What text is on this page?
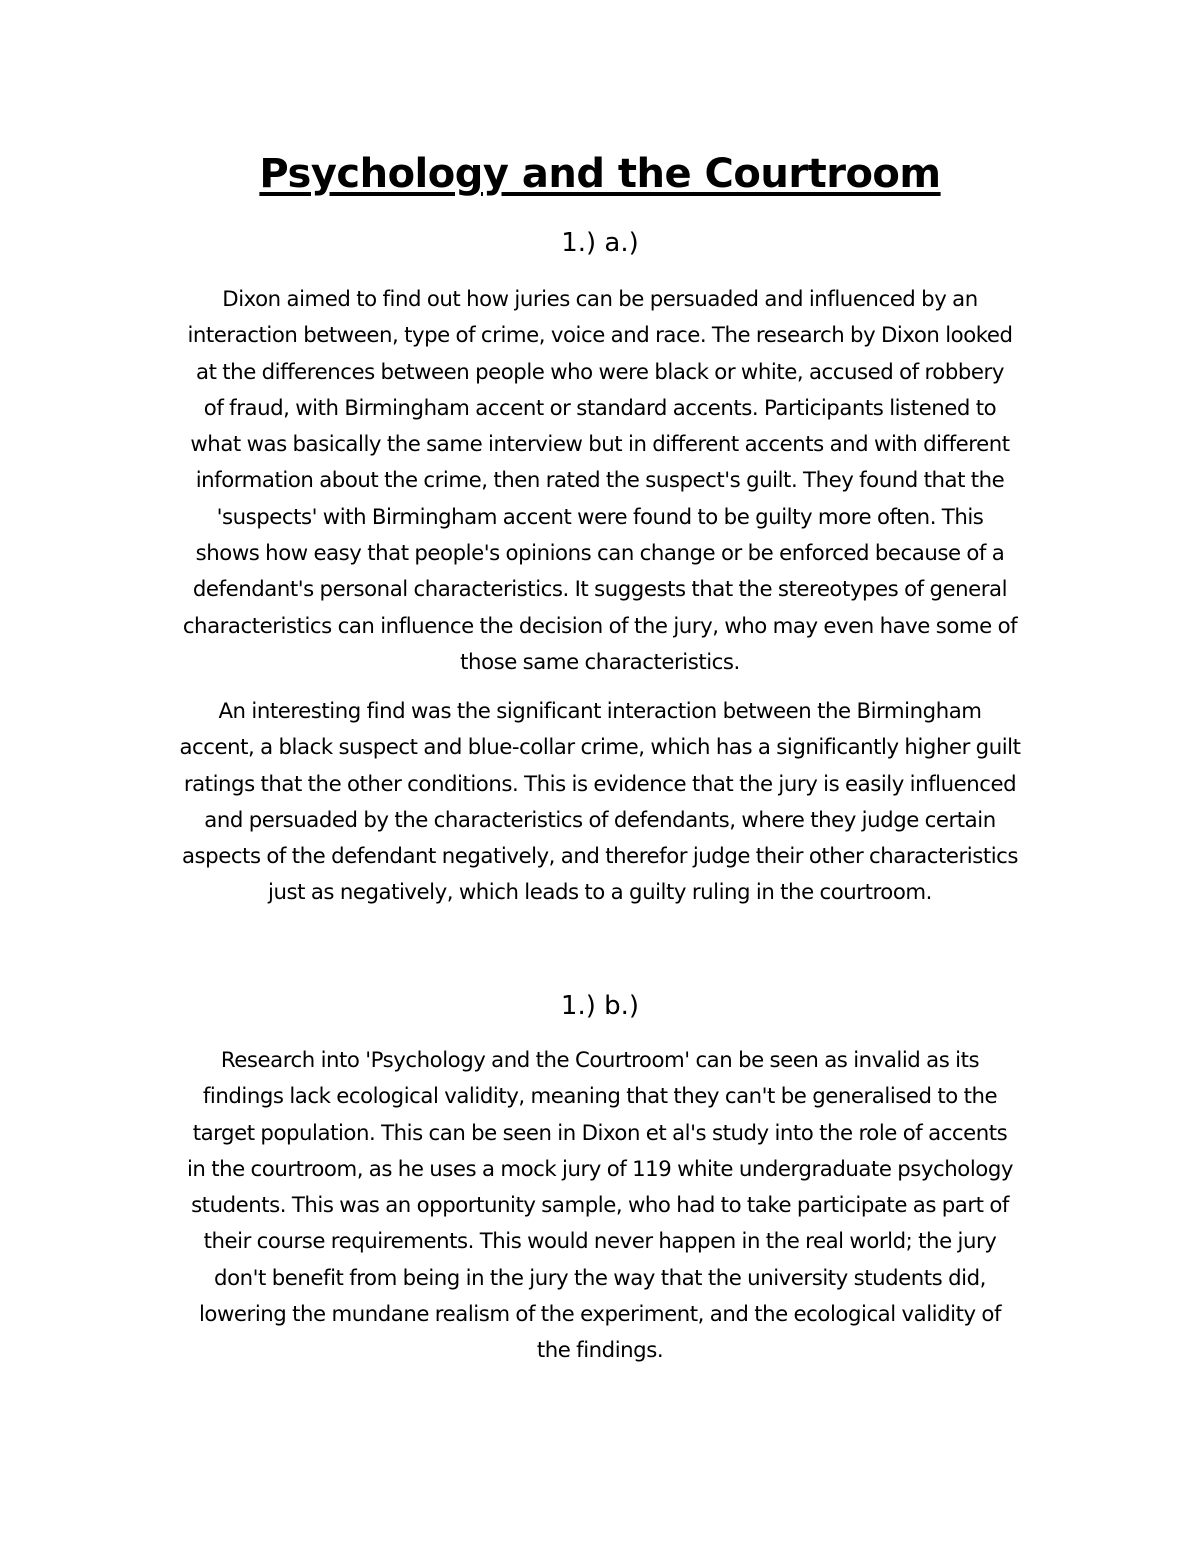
Psychology and the Courtroom
1.) a.)

Dixon aimed to find out how juries can be persuaded and influenced by an
interaction between, type of crime, voice and race. The research by Dixon looked
at the differences between people who were black or white, accused of robbery
of fraud, with Birmingham accent or standard accents. Participants listened to
what was basically the same interview but in different accents and with different
information about the crime, then rated the suspect's guilt. They found that the
'suspects' with Birmingham accent were found to be guilty more often. This
shows how easy that people's opinions can change or be enforced because of a
defendant's personal characteristics. It suggests that the stereotypes of general
characteristics can influence the decision of the jury, who may even have some of
those same characteristics.

An interesting find was the significant interaction between the Birmingham
accent, a black suspect and blue-collar crime, which has a significantly higher guilt
ratings that the other conditions. This is evidence that the jury is easily influenced
and persuaded by the characteristics of defendants, where they judge certain
aspects of the defendant negatively, and therefor judge their other characteristics
just as negatively, which leads to a guilty ruling in the courtroom.

1.) b.)

Research into 'Psychology and the Courtroom' can be seen as invalid as its
findings lack ecological validity, meaning that they can't be generalised to the
target population. This can be seen in Dixon et al's study into the role of accents
in the courtroom, as he uses a mock jury of 119 white undergraduate psychology
students. This was an opportunity sample, who had to take participate as part of
their course requirements. This would never happen in the real world; the jury
don't benefit from being in the jury the way that the university students did,
lowering the mundane realism of the experiment, and the ecological validity of
the findings.
